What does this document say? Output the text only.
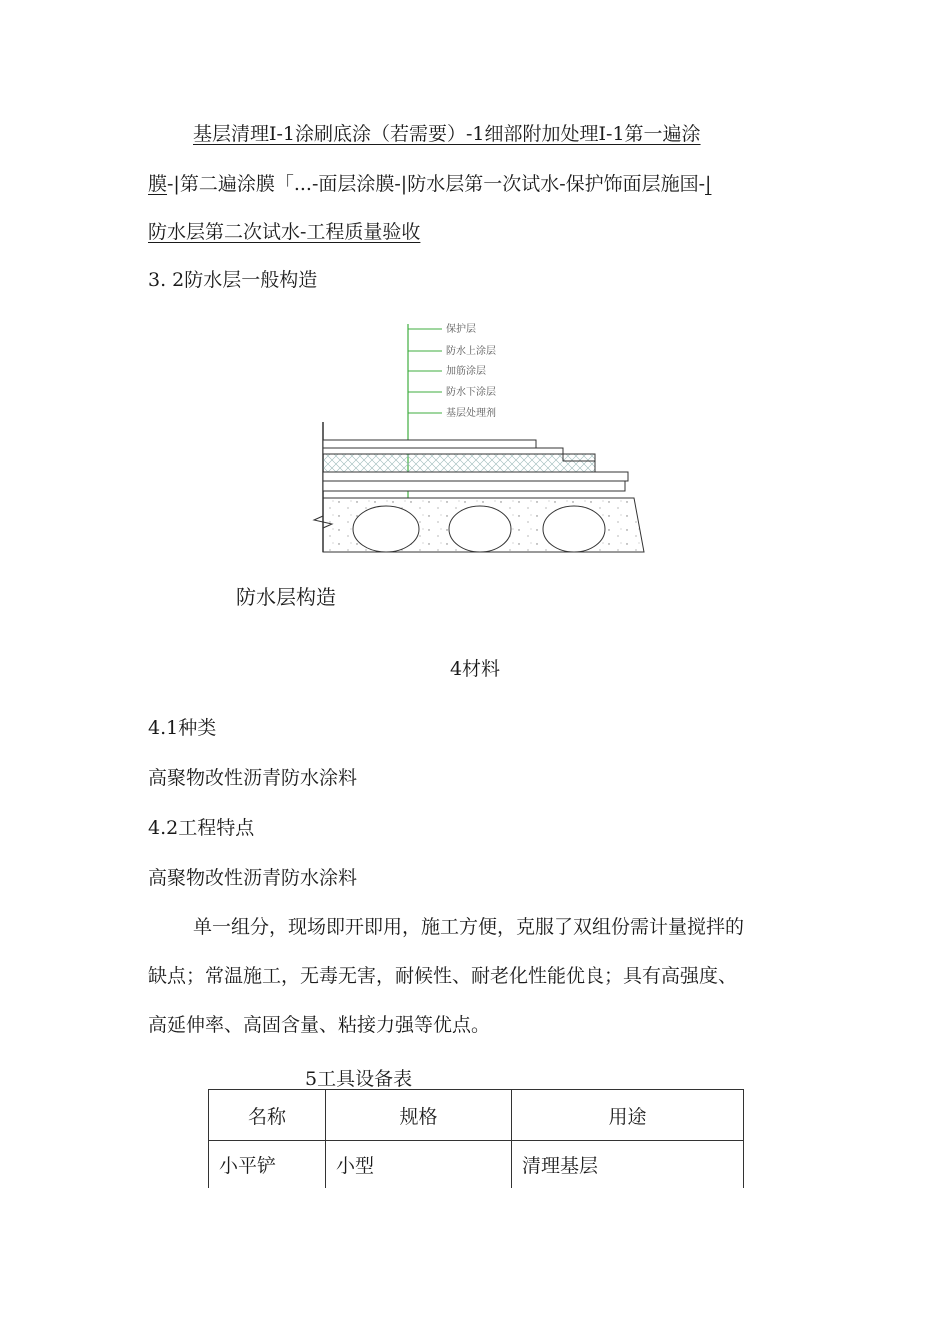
基层清理Ⅰ-1涂刷底涂（若需要）-1细部附加处理Ⅰ-1第一遍涂
膜-|第二遍涂膜「...-面层涂膜-|防水层第一次试水-保护饰面层施国-|
防水层第二次试水-工程质量验收
3. 2防水层一般构造
保护层
防水上涂层
加筋涂层
防水下涂层
基层处理剂
防水层构造
4材料
4.1种类
高聚物改性沥青防水涂料
4.2工程特点
高聚物改性沥青防水涂料
单一组分，现场即开即用，施工方便，克服了双组份需计量搅拌的
缺点；常温施工，无毒无害，耐候性、耐老化性能优良；具有高强度、
高延伸率、高固含量、粘接力强等优点。
5工具设备表
名称	规格	用途
小平铲	小型	清理基层
